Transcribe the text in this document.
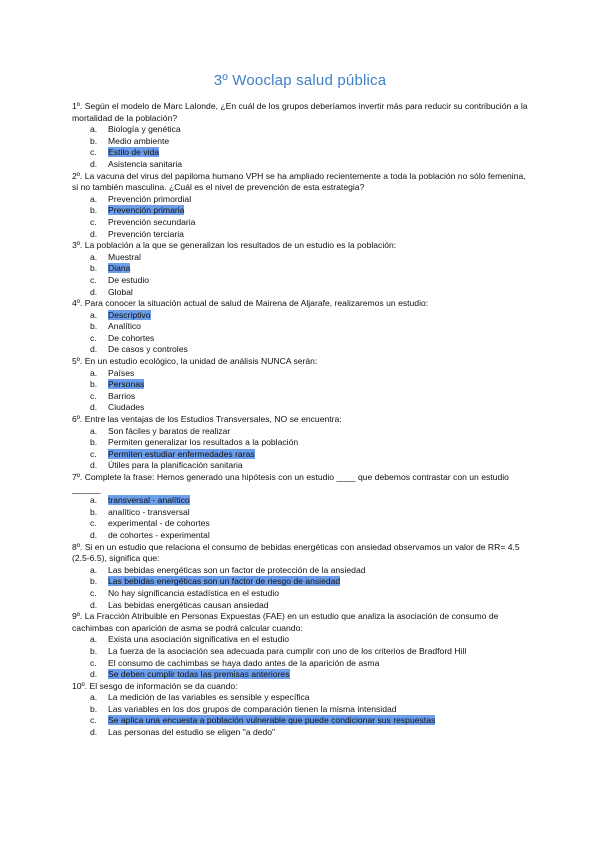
3º Wooclap salud pública
1º. Según el modelo de Marc Lalonde, ¿En cuál de los grupos deberíamos invertir más para reducir su contribución a la mortalidad de la población?
a. Biología y genética
b. Medio ambiente
c. Estilo de vida
d. Asistencia sanitaria
2º. La vacuna del virus del papiloma humano VPH se ha ampliado recientemente a toda la población no sólo femenina, si no también masculina. ¿Cuál es el nivel de prevención de esta estrategia?
a. Prevención primordial
b. Prevención primaria
c. Prevención secundaria
d. Prevención terciaria
3º. La población a la que se generalizan los resultados de un estudio es la población:
a. Muestral
b. Diana
c. De estudio
d. Global
4º. Para conocer la situación actual de salud de Mairena de Aljarafe, realizaremos un estudio:
a. Descriptivo
b. Analítico
c. De cohortes
d. De casos y controles
5º. En un estudio ecológico, la unidad de análisis NUNCA serán:
a. Países
b. Personas
c. Barrios
d. Ciudades
6º. Entre las ventajas de los Estudios Transversales, NO se encuentra:
a. Son fáciles y baratos de realizar
b. Permiten generalizar los resultados a la población
c. Permiten estudiar enfermedades raras
d. Útiles para la planificación sanitaria
7º. Complete la frase: Hemos generado una hipótesis con un estudio ____ que debemos contrastar con un estudio ______
a. transversal - analítico
b. analítico - transversal
c. experimental - de cohortes
d. de cohortes - experimental
8º. Si en un estudio que relaciona el consumo de bebidas energéticas con ansiedad observamos un valor de RR= 4.5 (2.5-6.5), significa que:
a. Las bebidas energéticas son un factor de protección de la ansiedad
b. Las bebidas energéticas son un factor de riesgo de ansiedad
c. No hay significancia estadística en el estudio
d. Las bebidas energéticas causan ansiedad
9º. La Fracción Atribuible en Personas Expuestas (FAE) en un estudio que analiza la asociación de consumo de cachimbas con aparición de asma se podrá calcular cuando:
a. Exista una asociación significativa en el estudio
b. La fuerza de la asociación sea adecuada para cumplir con uno de los criterios de Bradford Hill
c. El consumo de cachimbas se haya dado antes de la aparición de asma
d. Se deben cumplir todas las premisas anteriores
10º. El sesgo de información se da cuando:
a. La medición de las variables es sensible y específica
b. Las variables en los dos grupos de comparación tienen la misma intensidad
c. Se aplica una encuesta a población vulnerable que puede condicionar sus respuestas
d. Las personas del estudio se eligen "a dedo"
